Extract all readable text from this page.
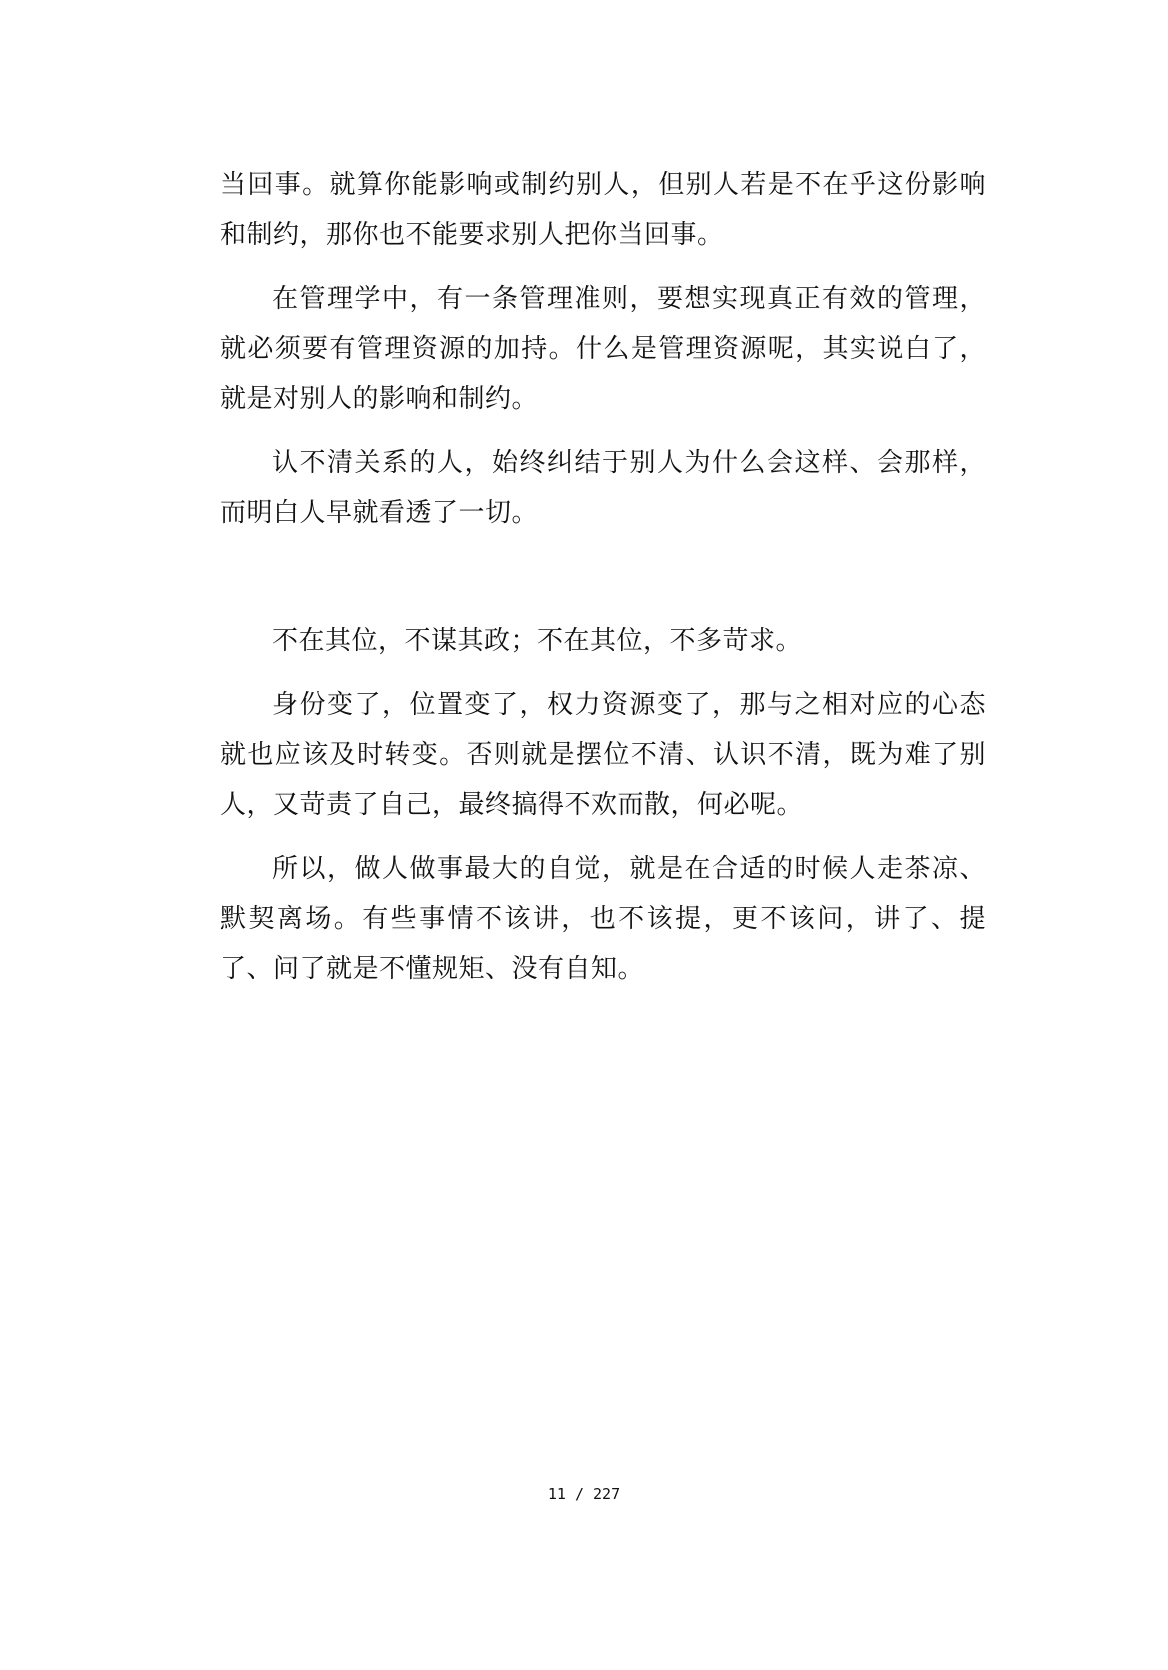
当回事。就算你能影响或制约别人，但别人若是不在乎这份影响和制约，那你也不能要求别人把你当回事。

在管理学中，有一条管理准则，要想实现真正有效的管理，就必须要有管理资源的加持。什么是管理资源呢，其实说白了，就是对别人的影响和制约。

认不清关系的人，始终纠结于别人为什么会这样、会那样，而明白人早就看透了一切。

不在其位，不谋其政；不在其位，不多苛求。

身份变了，位置变了，权力资源变了，那与之相对应的心态就也应该及时转变。否则就是摆位不清、认识不清，既为难了别人，又苛责了自己，最终搞得不欢而散，何必呢。

所以，做人做事最大的自觉，就是在合适的时候人走茶凉、默契离场。有些事情不该讲，也不该提，更不该问，讲了、提了、问了就是不懂规矩、没有自知。

11 / 227
